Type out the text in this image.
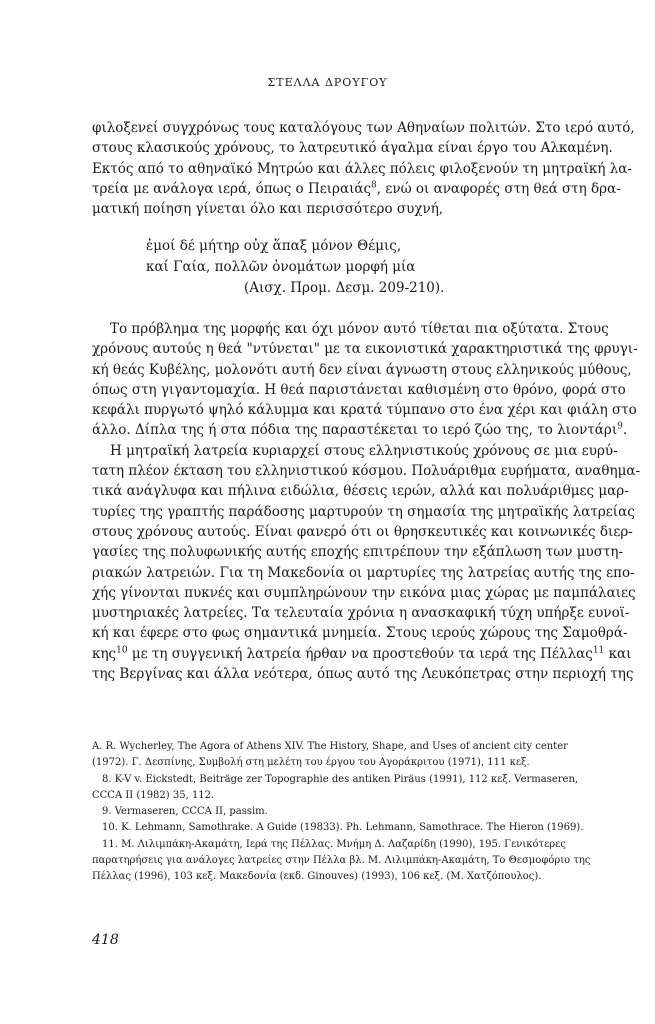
ΣΤΕΛΛΑ ΔΡΟΥΓΟΥ
φιλοξενεί συγχρόνως τους καταλόγους των Αθηναίων πολιτών. Στο ιερό αυτό,
στους κλασικούς χρόνους, το λατρευτικό άγαλμα είναι έργο του Αλκαμένη.
Εκτός από το αθηναϊκό Μητρώο και άλλες πόλεις φιλοξενούν τη μητραϊκή λα-
τρεία με ανάλογα ιερά, όπως ο Πειραιάς$^8$, ενώ οι αναφορές στη θεά στη δρα-
ματική ποίηση γίνεται όλο και περισσότερο συχνή,
ἐμοί δέ μήτηρ οὐχ ἅπαξ μόνον Θέμις,
καί Γαία, πολλῶν ὀνομάτων μορφή μία
(Αισχ. Προμ. Δεσμ. 209-210).
Το πρόβλημα της μορφής και όχι μόνον αυτό τίθεται πια οξύτατα. Στους
χρόνους αυτούς η θεά "ντύνεται" με τα εικονιστικά χαρακτηριστικά της φρυγι-
κή θεάς Κυβέλης, μολονότι αυτή δεν είναι άγνωστη στους ελληνικούς μύθους,
όπως στη γιγαντομαχία. Η θεά παριστάνεται καθισμένη στο θρόνο, φορά στο
κεφάλι πυργωτό ψηλό κάλυμμα και κρατά τύμπανο στο ένα χέρι και φιάλη στο
άλλο. Δίπλα της ή στα πόδια της παραστέκεται το ιερό ζώο της, το λιοντάρι$^9$.
Η μητραϊκή λατρεία κυριαρχεί στους ελληνιστικούς χρόνους σε μια ευρύ-
τατη πλέον έκταση του ελληνιστικού κόσμου. Πολυάριθμα ευρήματα, αναθημα-
τικά ανάγλυφα και πήλινα ειδώλια, θέσεις ιερών, αλλά και πολυάριθμες μαρ-
τυρίες της γραπτής παράδοσης μαρτυρούν τη σημασία της μητραϊκής λατρείας
στους χρόνους αυτούς. Είναι φανερό ότι οι θρησκευτικές και κοινωνικές διερ-
γασίες της πολυφωνικής αυτής εποχής επιτρέπουν την εξάπλωση των μυστη-
ριακών λατρειών. Για τη Μακεδονία οι μαρτυρίες της λατρείας αυτής της επο-
χής γίνονται πυκνές και συμπληρώνουν την εικόνα μιας χώρας με παμπάλαιες
μυστηριακές λατρείες. Τα τελευταία χρόνια η ανασκαφική τύχη υπήρξε ευνοϊ-
κή και έφερε στο φως σημαντικά μνημεία. Στους ιερούς χώρους της Σαμοθρά-
κης$^{10}$ με τη συγγενική λατρεία ήρθαν να προστεθούν τα ιερά της Πέλλας$^{11}$ και
της Βεργίνας και άλλα νεότερα, όπως αυτό της Λευκόπετρας στην περιοχή της
A. R. Wycherley, The Agora of Athens XIV. The History, Shape, and Uses of ancient city center
(1972). Γ. Δεσπίνης, Συμβολή στη μελέτη του έργου του Αγοράκριτου (1971), 111 κεξ.
8. K-V v. Eickstedt, Beiträge zer Topographie des antiken Piräus (1991), 112 κεξ. Vermaseren,
CCCA II (1982) 35, 112.
9. Vermaseren, CCCA II, passim.
10. K. Lehmann, Samothrake. A Guide (19833). Ph. Lehmann, Samothrace. The Hieron (1969).
11. Μ. Λιλιμπάκη-Ακαμάτη, Ιερά της Πέλλας. Μνήμη Δ. Λαζαρίδη (1990), 195. Γενικότερες
παρατηρήσεις για ανάλογες λατρείες στην Πέλλα βλ. Μ. Λιλιμπάκη-Ακαμάτη, Το Θεσμοφόριο της
Πέλλας (1996), 103 κεξ. Μακεδονία (εκδ. Ginouves) (1993), 106 κεξ. (Μ. Χατζόπουλος).
418
